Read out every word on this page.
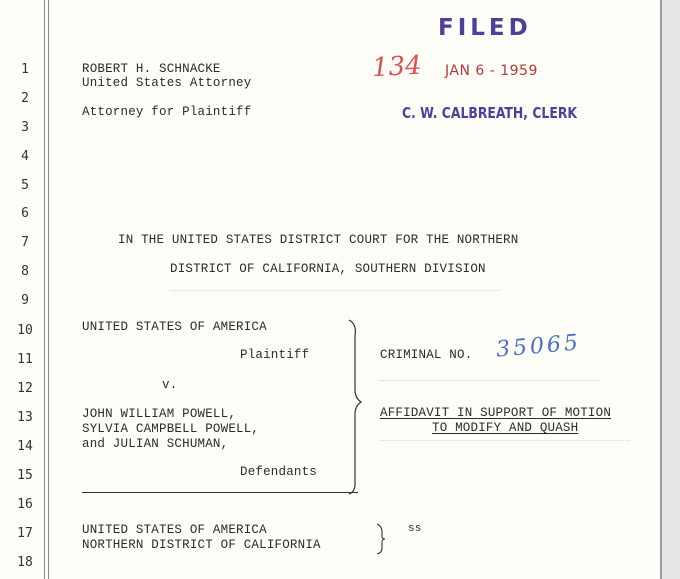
1
2
3
4
5
6
7
8
9
10
11
12
13
14
15
16
17
18
ROBERT H. SCHNACKE
United States Attorney
Attorney for Plaintiff
FILED
134 JAN 6 - 1959
C. W. CALBREATH, CLERK
IN THE UNITED STATES DISTRICT COURT FOR THE NORTHERN
DISTRICT OF CALIFORNIA, SOUTHERN DIVISION
UNITED STATES OF AMERICA
Plaintiff
v.
JOHN WILLIAM POWELL,
SYLVIA CAMPBELL POWELL,
and JULIAN SCHUMAN,
Defendants
CRIMINAL NO. 35065
AFFIDAVIT IN SUPPORT OF MOTION
TO MODIFY AND QUASH
UNITED STATES OF AMERICA
NORTHERN DISTRICT OF CALIFORNIA
ss
